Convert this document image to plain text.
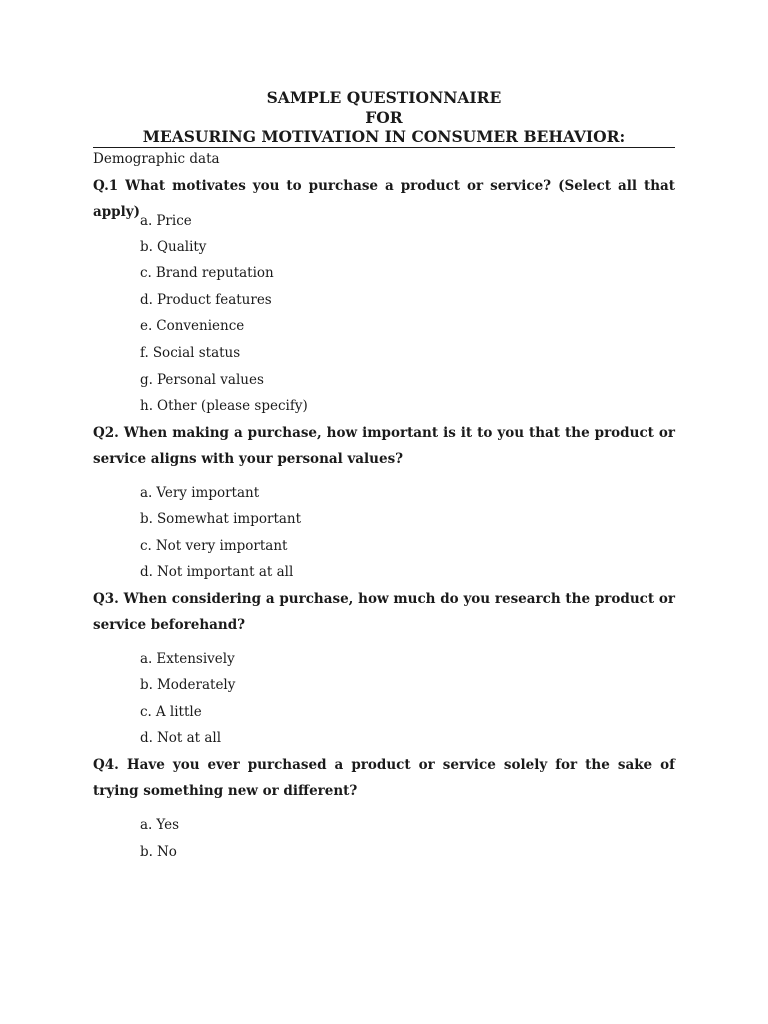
SAMPLE QUESTIONNAIRE
FOR
MEASURING MOTIVATION IN CONSUMER BEHAVIOR:
Demographic data
Q.1 What motivates you to purchase a product or service? (Select all that apply)
a. Price
b. Quality
c. Brand reputation
d. Product features
e. Convenience
f. Social status
g. Personal values
h. Other (please specify)
Q2. When making a purchase, how important is it to you that the product or service aligns with your personal values?
a. Very important
b. Somewhat important
c. Not very important
d. Not important at all
Q3. When considering a purchase, how much do you research the product or service beforehand?
a. Extensively
b. Moderately
c. A little
d. Not at all
Q4. Have you ever purchased a product or service solely for the sake of trying something new or different?
a. Yes
b. No
